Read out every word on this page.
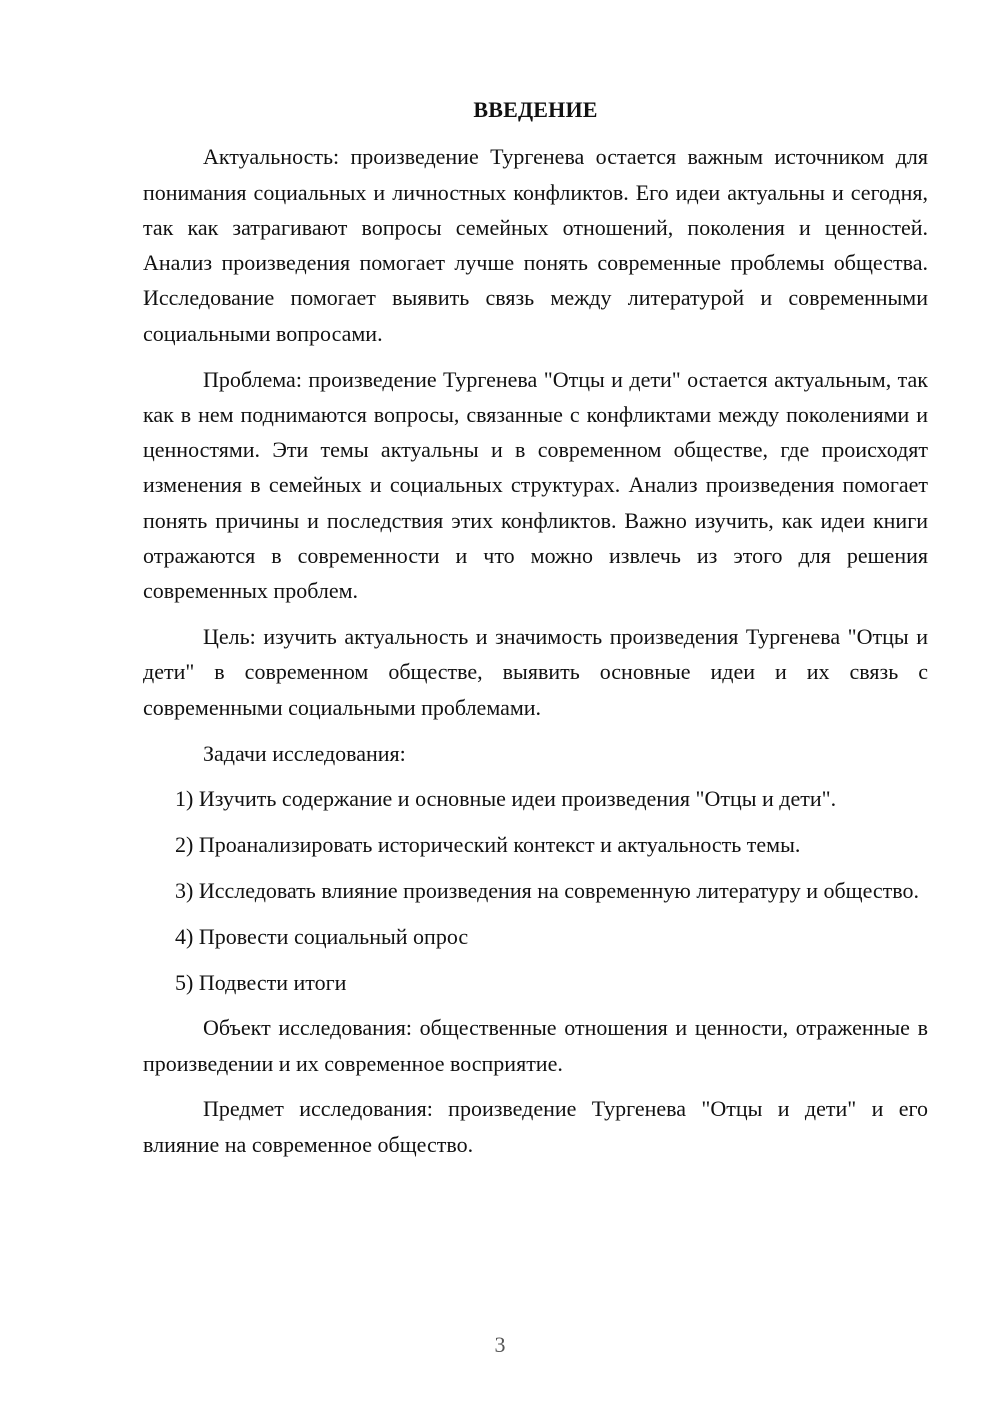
ВВЕДЕНИЕ

Актуальность: произведение Тургенева остается важным источником для понимания социальных и личностных конфликтов. Его идеи актуальны и сегодня, так как затрагивают вопросы семейных отношений, поколения и ценностей. Анализ произведения помогает лучше понять современные проблемы общества. Исследование помогает выявить связь между литературой и современными социальными вопросами.

Проблема: произведение Тургенева "Отцы и дети" остается актуальным, так как в нем поднимаются вопросы, связанные с конфликтами между поколениями и ценностями. Эти темы актуальны и в современном обществе, где происходят изменения в семейных и социальных структурах. Анализ произведения помогает понять причины и последствия этих конфликтов. Важно изучить, как идеи книги отражаются в современности и что можно извлечь из этого для решения современных проблем.

Цель: изучить актуальность и значимость произведения Тургенева "Отцы и дети" в современном обществе, выявить основные идеи и их связь с современными социальными проблемами.

Задачи исследования:

1) Изучить содержание и основные идеи произведения "Отцы и дети".

2) Проанализировать исторический контекст и актуальность темы.

3) Исследовать влияние произведения на современную литературу и общество.

4) Провести социальный опрос

5) Подвести итоги

Объект исследования: общественные отношения и ценности, отраженные в произведении и их современное восприятие.

Предмет исследования: произведение Тургенева "Отцы и дети" и его влияние на современное общество.

3
